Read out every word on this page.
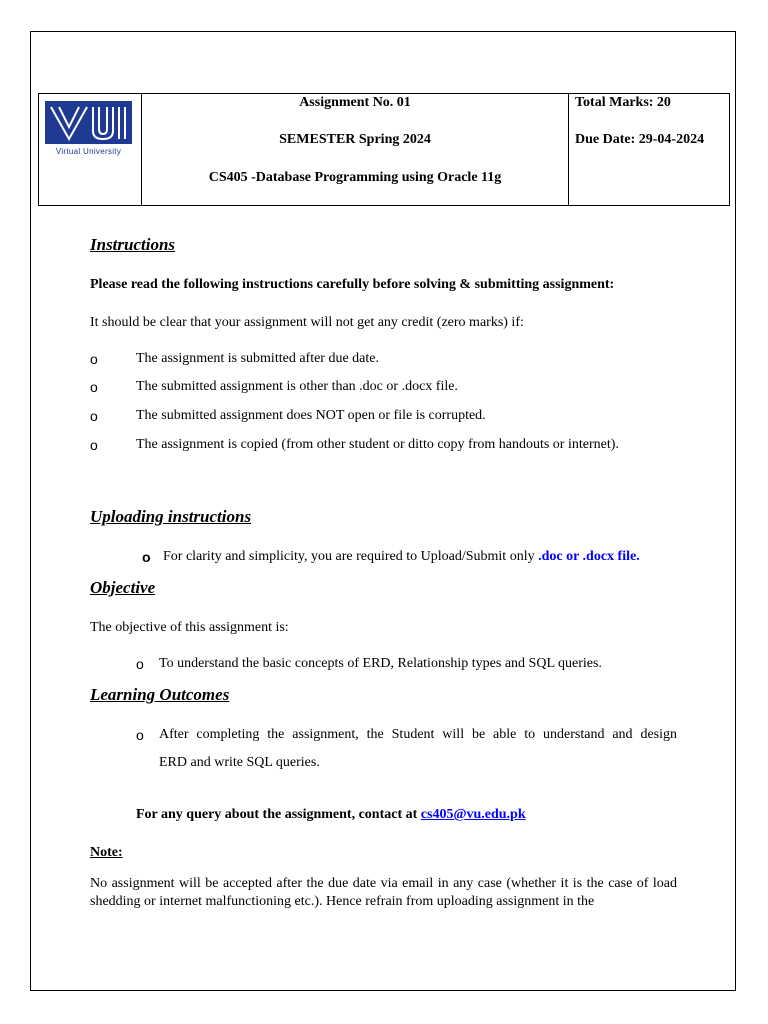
Virtual University
Assignment No. 01
SEMESTER Spring 2024
CS405 -Database Programming using Oracle 11g
Total Marks: 20
Due Date: 29-04-2024
Instructions
Please read the following instructions carefully before solving & submitting assignment:
It should be clear that your assignment will not get any credit (zero marks) if:
o	The assignment is submitted after due date.
o	The submitted assignment is other than .doc or .docx file.
o	The submitted assignment does NOT open or file is corrupted.
o	The assignment is copied (from other student or ditto copy from handouts or internet).
Uploading instructions
o For clarity and simplicity, you are required to Upload/Submit only .doc or .docx file.
Objective
The objective of this assignment is:
o To understand the basic concepts of ERD, Relationship types and SQL queries.
Learning Outcomes
o After completing the assignment, the Student will be able to understand and design
ERD and write SQL queries.
For any query about the assignment, contact at cs405@vu.edu.pk
Note:
No assignment will be accepted after the due date via email in any case (whether it is the case of load shedding or internet malfunctioning etc.). Hence refrain from uploading assignment in the
